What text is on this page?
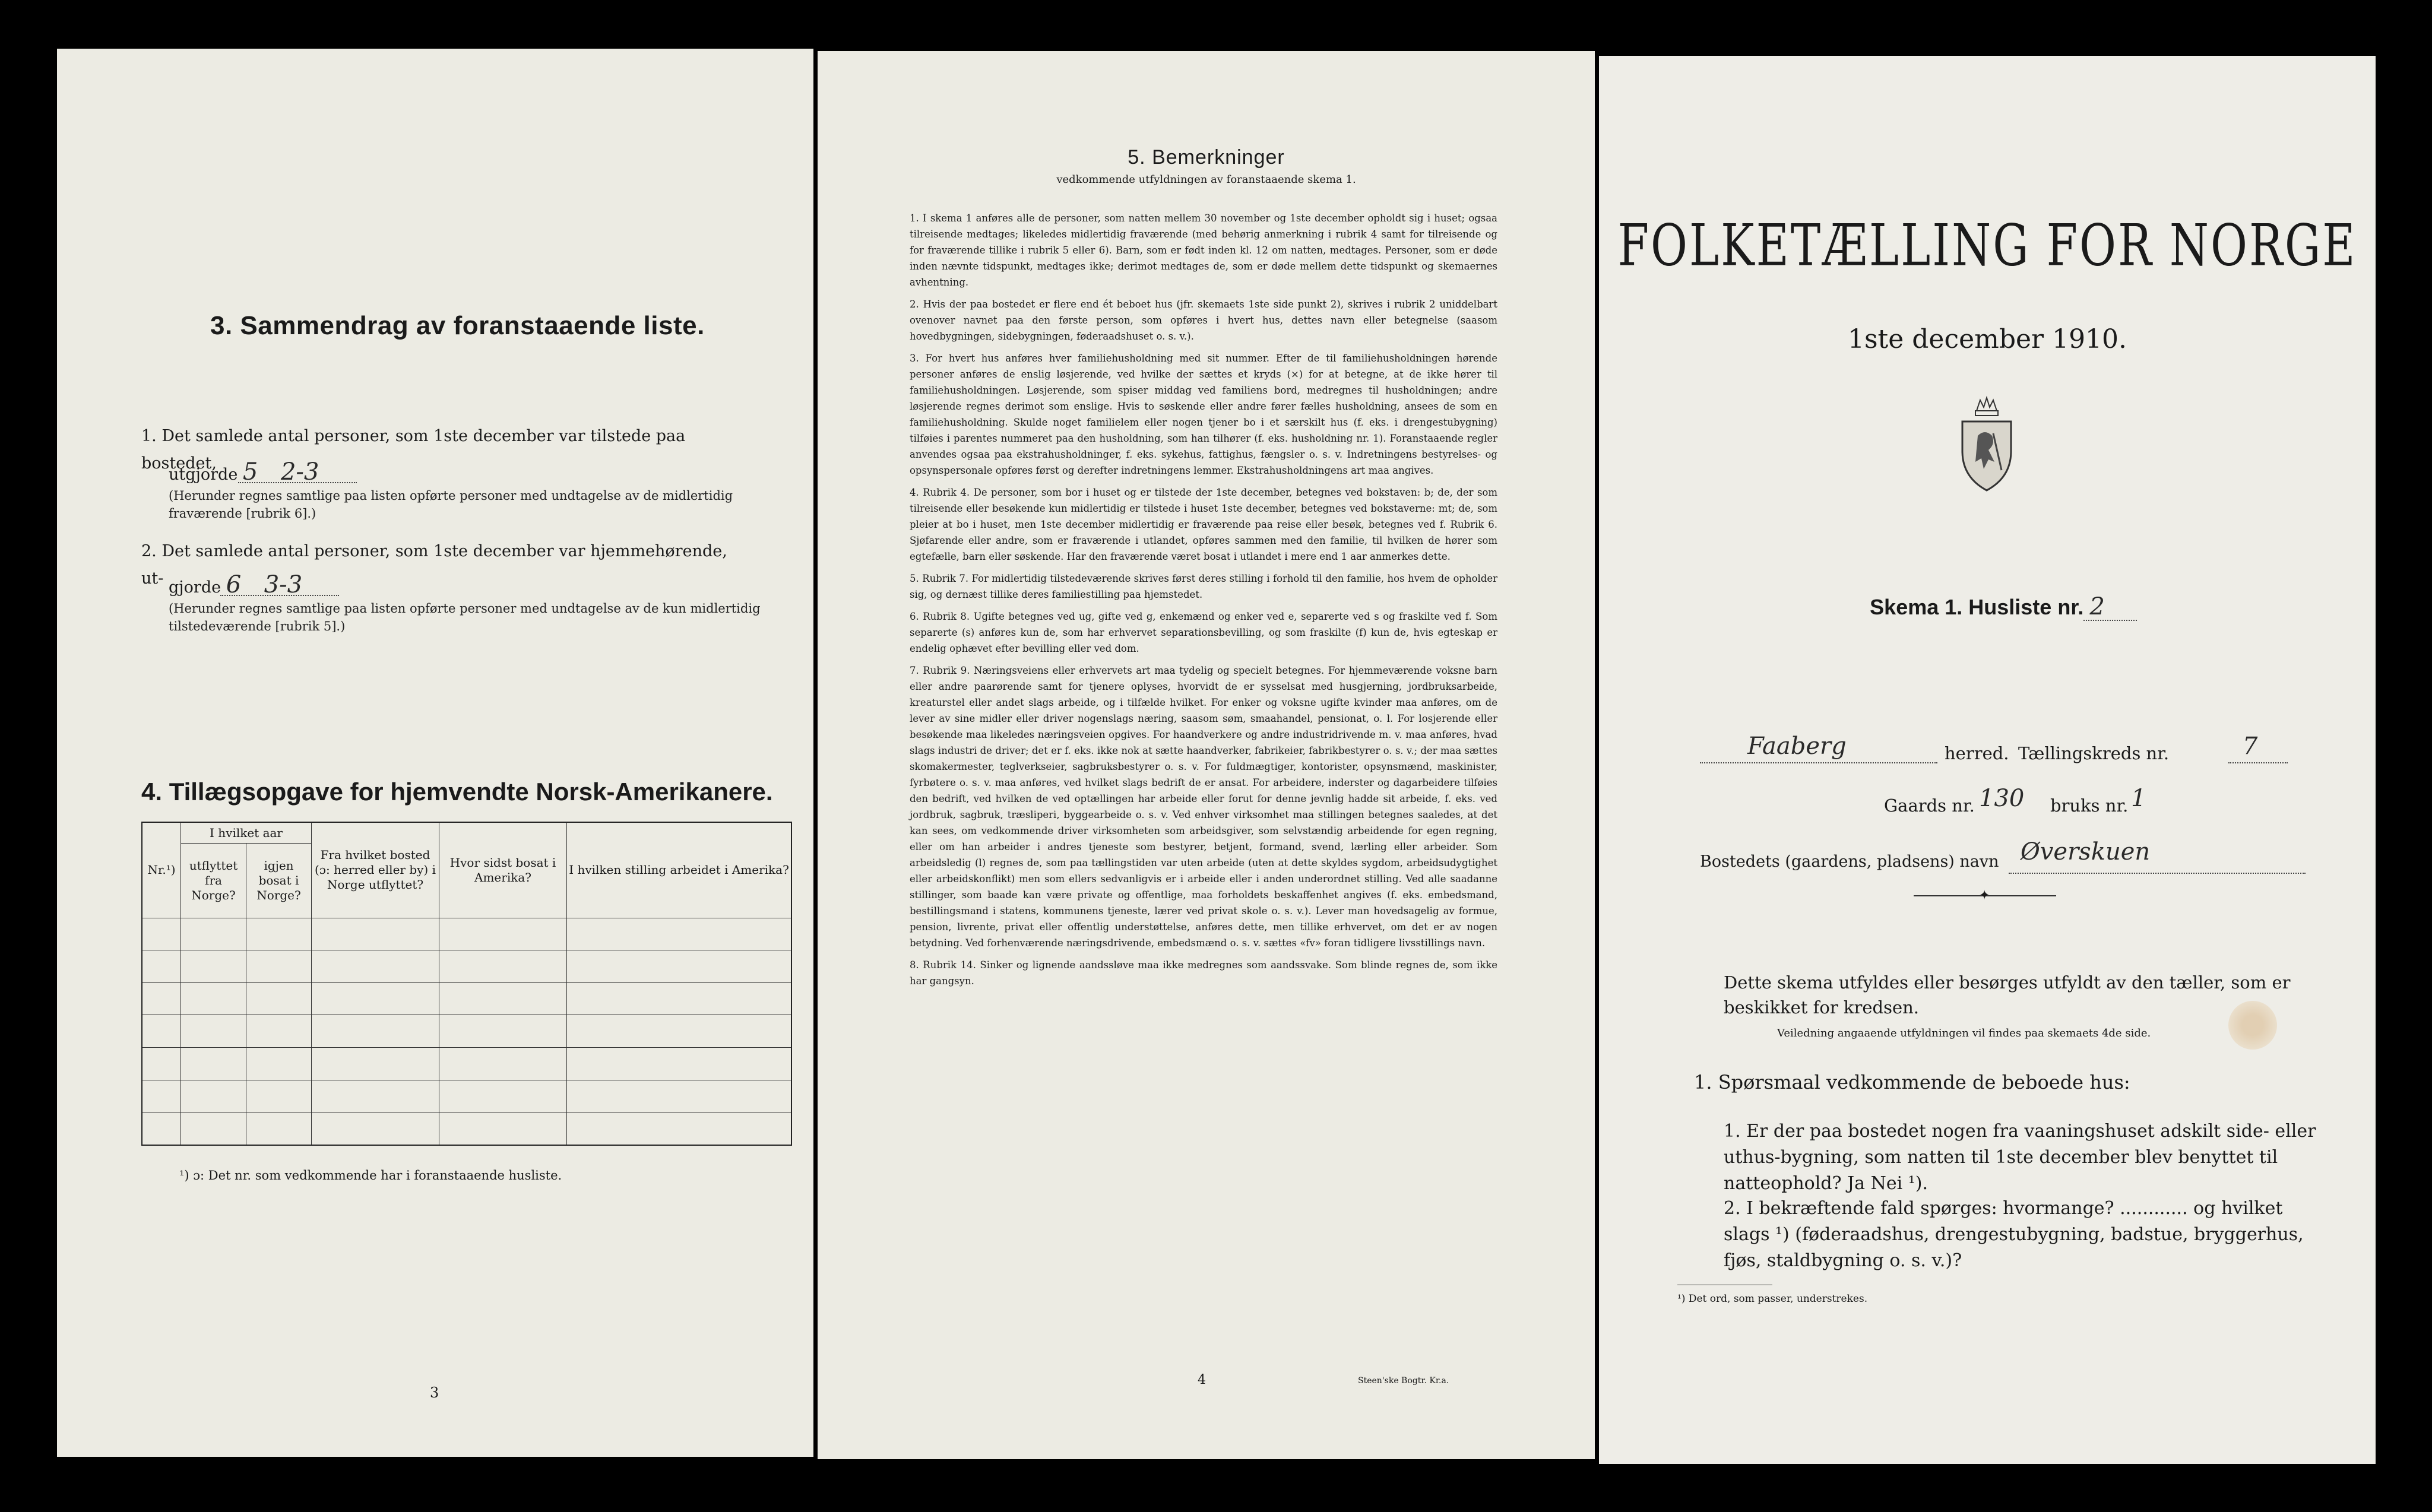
3. Sammendrag av foranstaaende liste.
1. Det samlede antal personer, som 1ste december var tilstede paa bostedet,
utgjorde 5 2-3
(Herunder regnes samtlige paa listen opførte personer med undtagelse av de midlertidig fraværende [rubrik 6].)
2. Det samlede antal personer, som 1ste december var hjemmehørende, ut- gjorde 6 3-3
(Herunder regnes samtlige paa listen opførte personer med undtagelse av de kun midlertidig tilstedeværende [rubrik 5].)
4. Tillægsopgave for hjemvendte Norsk-Amerikanere.
Nr.¹)	I hvilket aar		Fra hvilket bosted (ɔ: herred eller by) i Norge utflyttet?	Hvor sidst bosat i Amerika?	I hvilken stilling arbeidet i Amerika?
	utflyttet fra Norge?	igjen bosat i Norge?			

¹) ɔ: Det nr. som vedkommende har i foranstaaende husliste.
3
5. Bemerkninger
vedkommende utfyldningen av foranstaaende skema 1.
1. I skema 1 anføres alle de personer, som natten mellem 30 november og 1ste december opholdt sig i huset; ogsaa tilreisende medtages; likeledes midlertidig fraværende (med behørig anmerkning i rubrik 4 samt for tilreisende og for fraværende tillike i rubrik 5 eller 6). Barn, som er født inden kl. 12 om natten, medtages. Personer, som er døde inden nævnte tidspunkt, medtages ikke; derimot medtages de, som er døde mellem dette tidspunkt og skemaernes avhentning.
2. Hvis der paa bostedet er flere end ét beboet hus (jfr. skemaets 1ste side punkt 2), skrives i rubrik 2 uniddelbart ovenover navnet paa den første person, som opføres i hvert hus, dettes navn eller betegnelse (saasom hovedbygningen, sidebygningen, føderaadshuset o. s. v.).
3. For hvert hus anføres hver familiehusholdning med sit nummer. Efter de til familiehusholdningen hørende personer anføres de enslig løsjerende, ved hvilke der sættes et kryds (×) for at betegne, at de ikke hører til familiehusholdningen. Løsjerende, som spiser middag ved familiens bord, medregnes til husholdningen; andre løsjerende regnes derimot som enslige. Hvis to søskende eller andre fører fælles husholdning, ansees de som en familiehusholdning. Skulde noget familielem eller nogen tjener bo i et særskilt hus (f. eks. i drengestubygning) tilføies i parentes nummeret paa den husholdning, som han tilhører (f. eks. husholdning nr. 1). Foranstaaende regler anvendes ogsaa paa ekstrahusholdninger, f. eks. sykehus, fattighus, fængsler o. s. v. Indretningens bestyrelses- og opsynspersonale opføres først og derefter indretningens lemmer. Ekstrahusholdningens art maa angives.
4. Rubrik 4. De personer, som bor i huset og er tilstede der 1ste december, betegnes ved bokstaven: b; de, der som tilreisende eller besøkende kun midlertidig er tilstede i huset 1ste december, betegnes ved bokstaverne: mt; de, som pleier at bo i huset, men 1ste december midlertidig er fraværende paa reise eller besøk, betegnes ved f. Rubrik 6. Sjøfarende eller andre, som er fraværende i utlandet, opføres sammen med den familie, til hvilken de hører som egtefælle, barn eller søskende. Har den fraværende været bosat i utlandet i mere end 1 aar anmerkes dette.
5. Rubrik 7. For midlertidig tilstedeværende skrives først deres stilling i forhold til den familie, hos hvem de opholder sig, og dernæst tillike deres familiestilling paa hjemstedet.
6. Rubrik 8. Ugifte betegnes ved ug, gifte ved g, enkemænd og enker ved e, separerte ved s og fraskilte ved f. Som separerte (s) anføres kun de, som har erhvervet separationsbevilling, og som fraskilte (f) kun de, hvis egteskap er endelig ophævet efter bevilling eller ved dom.
7. Rubrik 9. Næringsveiens eller erhvervets art maa tydelig og specielt betegnes. For hjemmeværende voksne barn eller andre paarørende samt for tjenere oplyses, hvorvidt de er sysselsat med husgjerning, jordbruksarbeide, kreaturstel eller andet slags arbeide, og i tilfælde hvilket. For enker og voksne ugifte kvinder maa anføres, om de lever av sine midler eller driver nogenslags næring, saasom søm, smaahandel, pensionat, o. l. For losjerende eller besøkende maa likeledes næringsveien opgives. For haandverkere og andre industridrivende m. v. maa anføres, hvad slags industri de driver; det er f. eks. ikke nok at sætte haandverker, fabrikeier, fabrikbestyrer o. s. v.; der maa sættes skomakermester, teglverkseier, sagbruksbestyrer o. s. v. For fuldmægtiger, kontorister, opsynsmænd, maskinister, fyrbøtere o. s. v. maa anføres, ved hvilket slags bedrift de er ansat. For arbeidere, inderster og dagarbeidere tilføies den bedrift, ved hvilken de ved optællingen har arbeide eller forut for denne jevnlig hadde sit arbeide, f. eks. ved jordbruk, sagbruk, træsliperi, byggearbeide o. s. v. Ved enhver virksomhet maa stillingen betegnes saaledes, at det kan sees, om vedkommende driver virksomheten som arbeidsgiver, som selvstændig arbeidende for egen regning, eller om han arbeider i andres tjeneste som bestyrer, betjent, formand, svend, lærling eller arbeider. Som arbeidsledig (l) regnes de, som paa tællingstiden var uten arbeide (uten at dette skyldes sygdom, arbeidsudygtighet eller arbeidskonflikt) men som ellers sedvanligvis er i arbeide eller i anden underordnet stilling. Ved alle saadanne stillinger, som baade kan være private og offentlige, maa forholdets beskaffenhet angives (f. eks. embedsmand, bestillingsmand i statens, kommunens tjeneste, lærer ved privat skole o. s. v.). Lever man hovedsagelig av formue, pension, livrente, privat eller offentlig understøttelse, anføres dette, men tillike erhvervet, om det er av nogen betydning. Ved forhenværende næringsdrivende, embedsmænd o. s. v. sættes «fv» foran tidligere livsstillings navn.
8. Rubrik 14. Sinker og lignende aandssløve maa ikke medregnes som aandssvake. Som blinde regnes de, som ikke har gangsyn.
4	Steen'ske Bogtr. Kr.a.
FOLKETÆLLING FOR NORGE
1ste december 1910.
Skema 1. Husliste nr. 2
Faaberg	herred. Tællingskreds nr.	7
Gaards nr. 130 bruks nr. 1
Bostedets (gaardens, pladsens) navn Øverskuen
✦
Dette skema utfyldes eller besørges utfyldt av den tæller, som er beskikket for kredsen.
Veiledning angaaende utfyldningen vil findes paa skemaets 4de side.
1. Spørsmaal vedkommende de beboede hus:
1. Er der paa bostedet nogen fra vaaningshuset adskilt side- eller uthus-bygning, som natten til 1ste december blev benyttet til natteophold? Ja Nei ¹).
2. I bekræftende fald spørges: hvormange? ............ og hvilket slags ¹) (føderaadshus, drengestubygning, badstue, bryggerhus, fjøs, staldbygning o. s. v.)?
¹) Det ord, som passer, understrekes.
